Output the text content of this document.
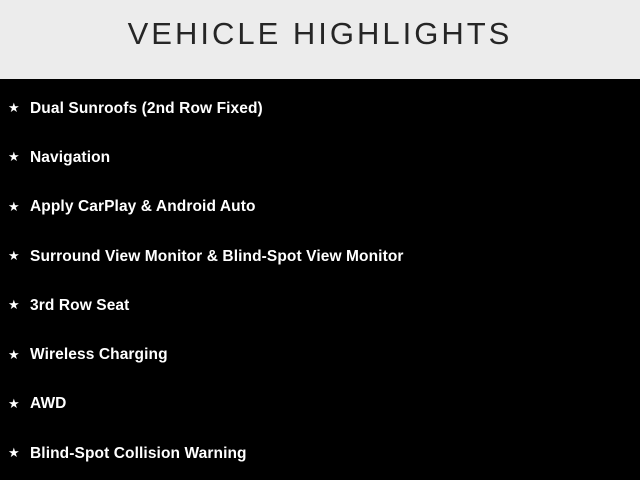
VEHICLE HIGHLIGHTS
★ Dual Sunroofs (2nd Row Fixed)
★ Navigation
★ Apply CarPlay & Android Auto
★ Surround View Monitor & Blind-Spot View Monitor
★ 3rd Row Seat
★ Wireless Charging
★ AWD
★ Blind-Spot Collision Warning
